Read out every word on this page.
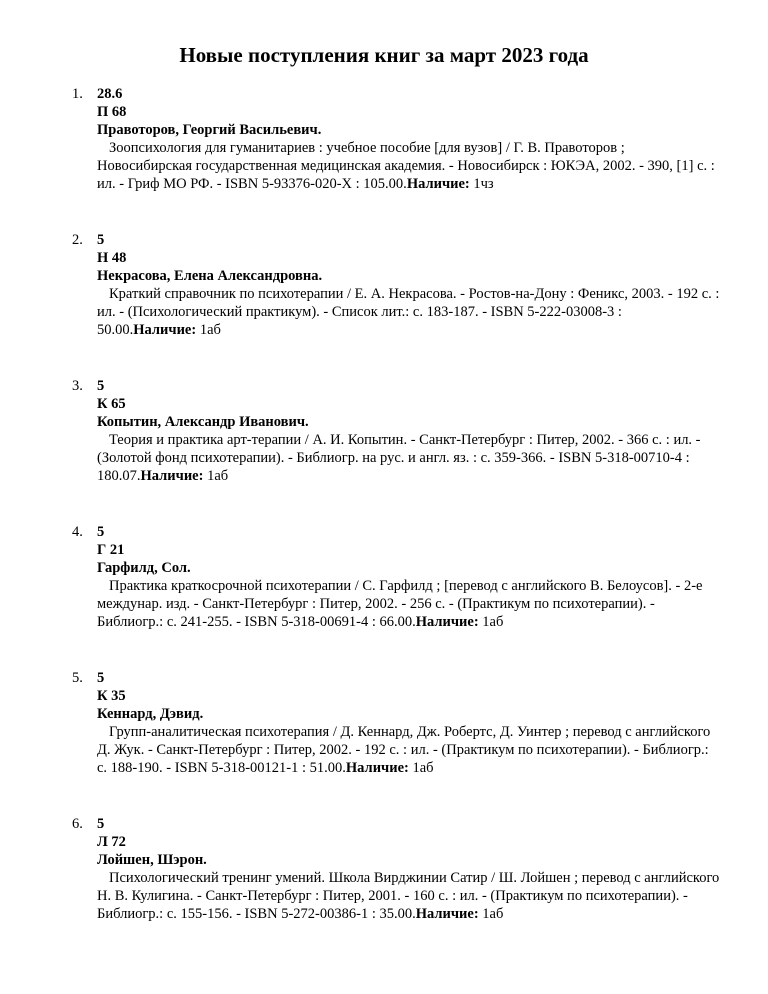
Новые поступления книг за март 2023 года
1. 28.6
П 68
Правоторов, Георгий Васильевич.
Зоопсихология для гуманитариев : учебное пособие [для вузов] / Г. В. Правоторов ; Новосибирская государственная медицинская академия. - Новосибирск : ЮКЭА, 2002. - 390, [1] с. : ил. - Гриф МО РФ. - ISBN 5-93376-020-X : 105.00.Наличие: 1чз
2. 5
Н 48
Некрасова, Елена Александровна.
Краткий справочник по психотерапии / Е. А. Некрасова. - Ростов-на-Дону : Феникс, 2003. - 192 с. : ил. - (Психологический практикум). - Список лит.: с. 183-187. - ISBN 5-222-03008-3 : 50.00.Наличие: 1аб
3. 5
К 65
Копытин, Александр Иванович.
Теория и практика арт-терапии / А. И. Копытин. - Санкт-Петербург : Питер, 2002. - 366 с. : ил. - (Золотой фонд психотерапии). - Библиогр. на рус. и англ. яз. : с. 359-366. - ISBN 5-318-00710-4 : 180.07.Наличие: 1аб
4. 5
Г 21
Гарфилд, Сол.
Практика краткосрочной психотерапии / С. Гарфилд ; [перевод с английского В. Белоусов]. - 2-е междунар. изд. - Санкт-Петербург : Питер, 2002. - 256 с. - (Практикум по психотерапии). - Библиогр.: с. 241-255. - ISBN 5-318-00691-4 : 66.00.Наличие: 1аб
5. 5
К 35
Кеннард, Дэвид.
Групп-аналитическая психотерапия / Д. Кеннард, Дж. Робертс, Д. Уинтер ; перевод с английского Д. Жук. - Санкт-Петербург : Питер, 2002. - 192 с. : ил. - (Практикум по психотерапии). - Библиогр.: с. 188-190. - ISBN 5-318-00121-1 : 51.00.Наличие: 1аб
6. 5
Л 72
Лойшен, Шэрон.
Психологический тренинг умений. Школа Вирджинии Сатир / Ш. Лойшен ; перевод с английского Н. В. Кулигина. - Санкт-Петербург : Питер, 2001. - 160 с. : ил. - (Практикум по психотерапии). - Библиогр.: с. 155-156. - ISBN 5-272-00386-1 : 35.00.Наличие: 1аб
